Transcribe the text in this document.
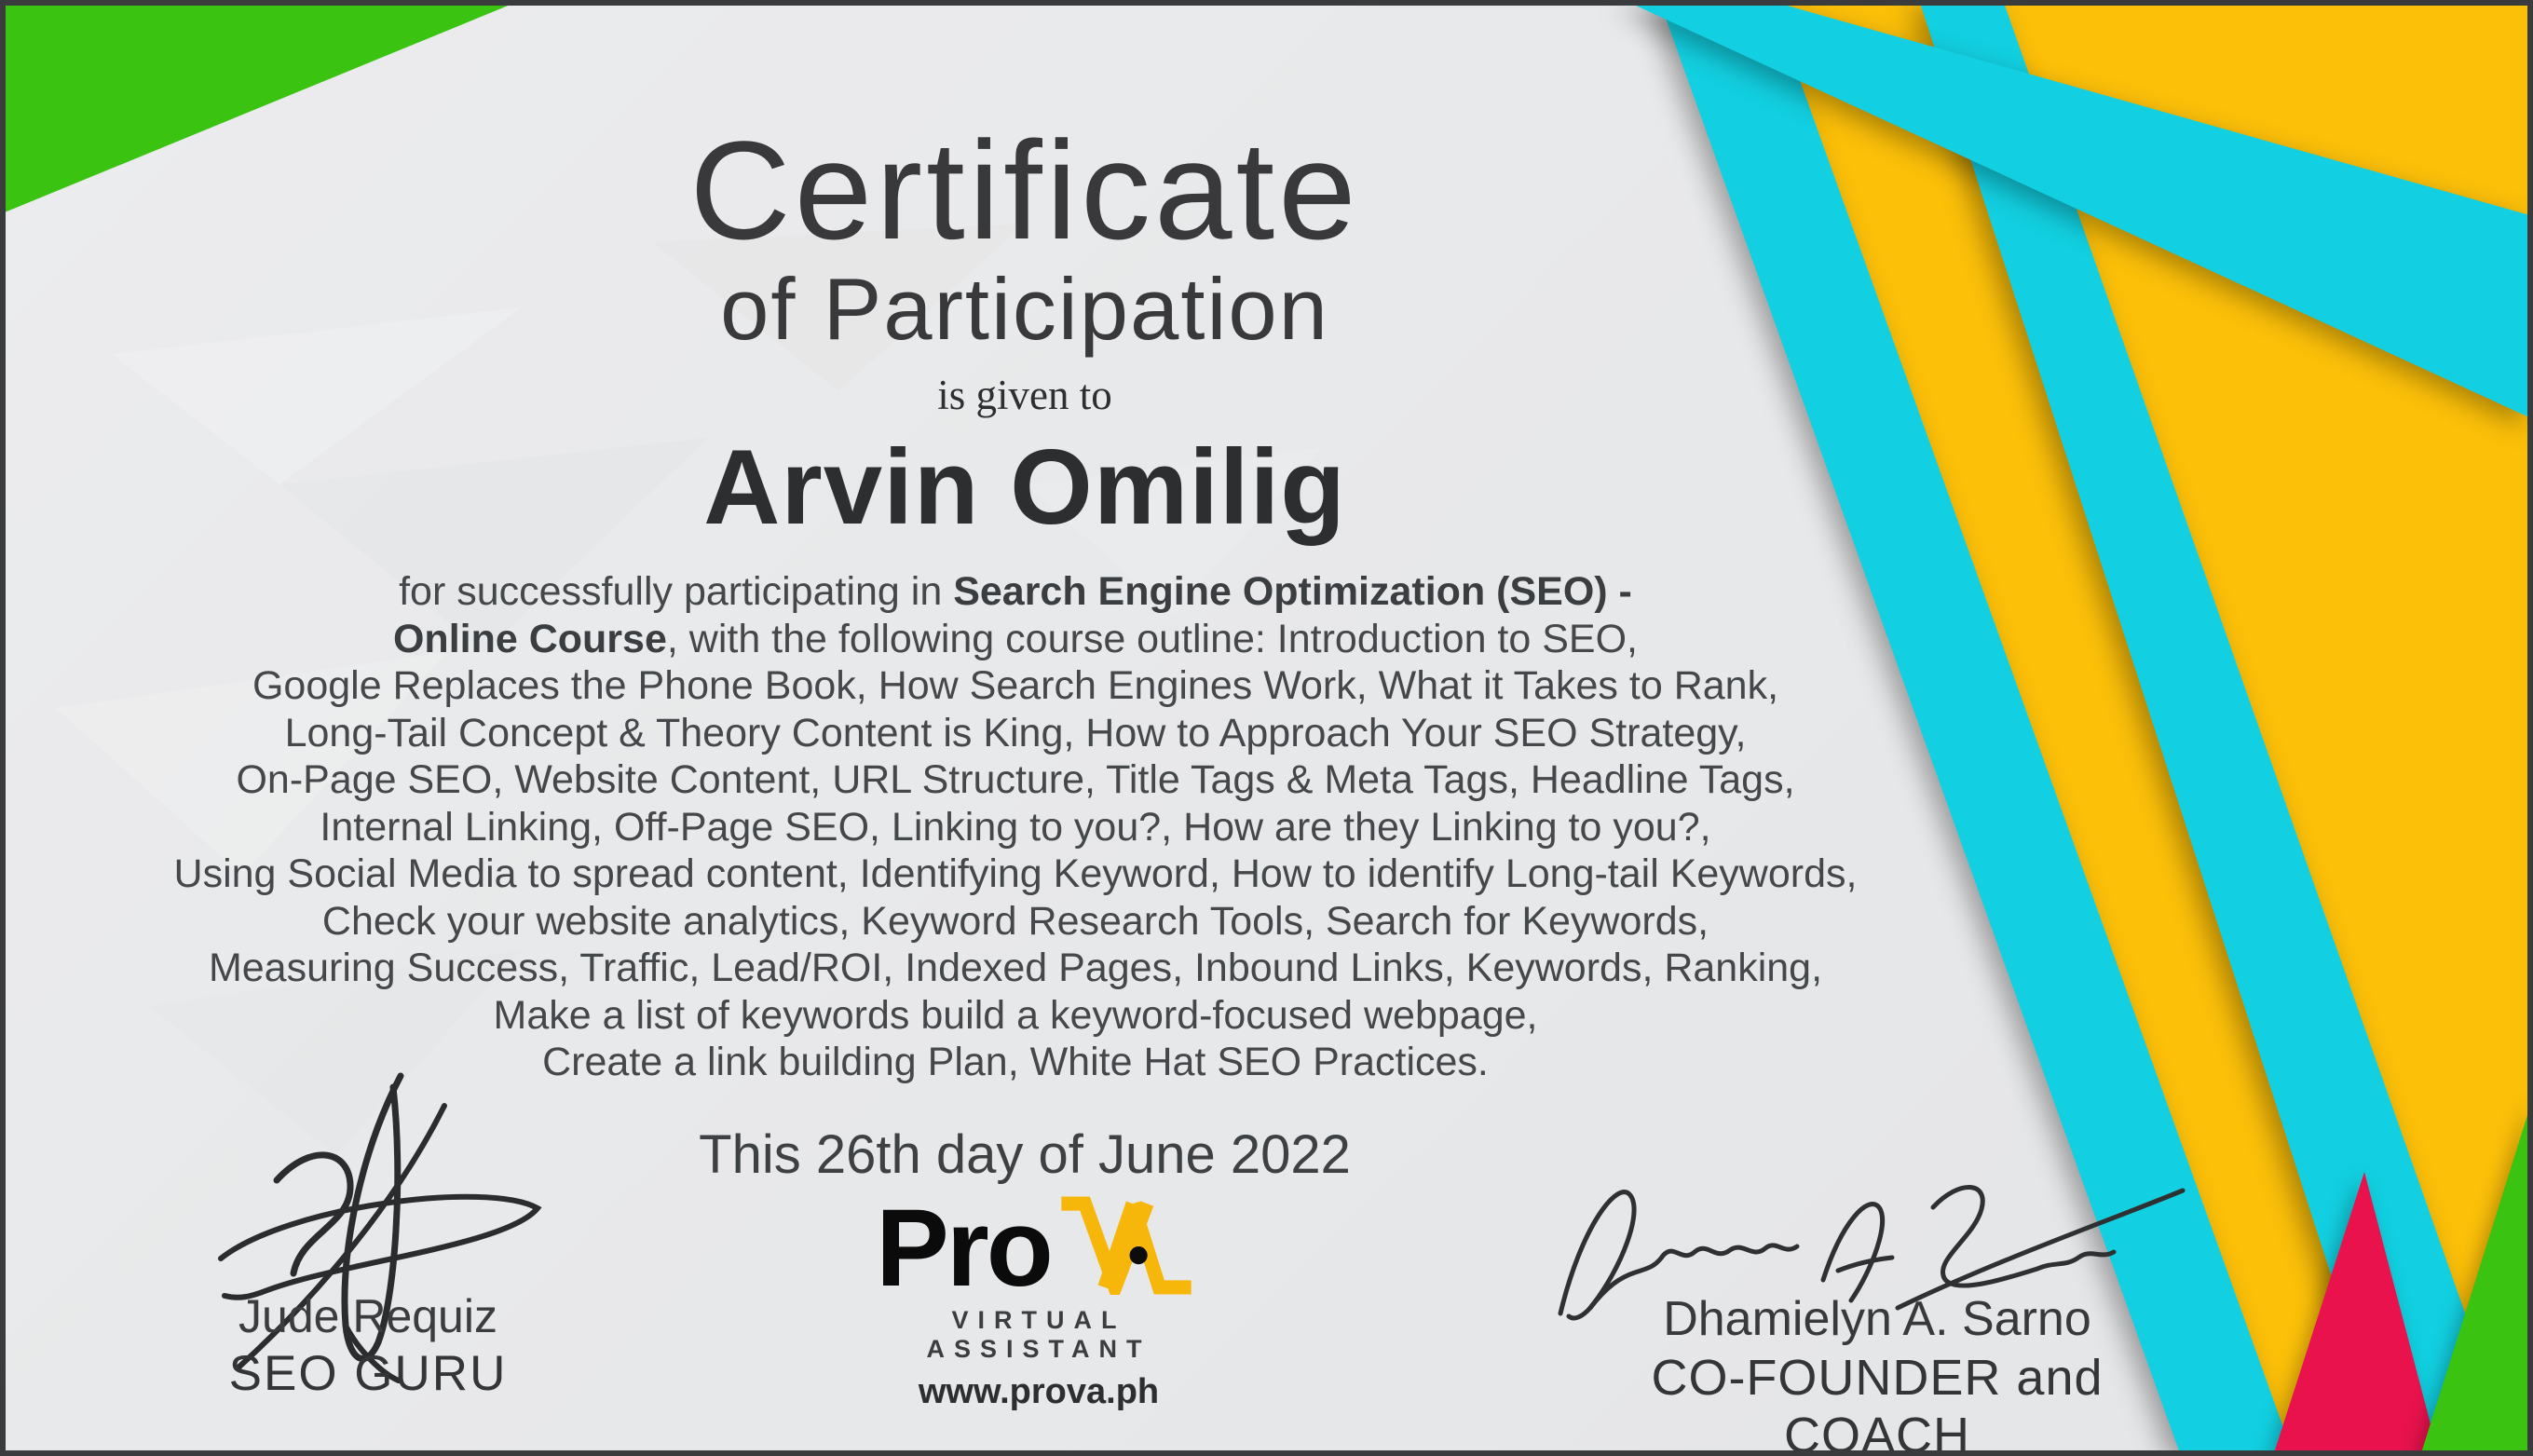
Certificate
of Participation
is given to
Arvin Omilig
for successfully participating in Search Engine Optimization (SEO) -
Online Course, with the following course outline: Introduction to SEO,
Google Replaces the Phone Book, How Search Engines Work, What it Takes to Rank,
Long-Tail Concept & Theory Content is King, How to Approach Your SEO Strategy,
On-Page SEO, Website Content, URL Structure, Title Tags & Meta Tags, Headline Tags,
Internal Linking, Off-Page SEO, Linking to you?, How are they Linking to you?,
Using Social Media to spread content, Identifying Keyword, How to identify Long-tail Keywords,
Check your website analytics, Keyword Research Tools, Search for Keywords,
Measuring Success, Traffic, Lead/ROI, Indexed Pages, Inbound Links, Keywords, Ranking,
Make a list of keywords build a keyword-focused webpage,
Create a link building Plan, White Hat SEO Practices.
This 26th day of June 2022
Pro
VIRTUAL ASSISTANT
www.prova.ph
Jude Requiz
SEO GURU
Dhamielyn A. Sarno
CO-FOUNDER and COACH
